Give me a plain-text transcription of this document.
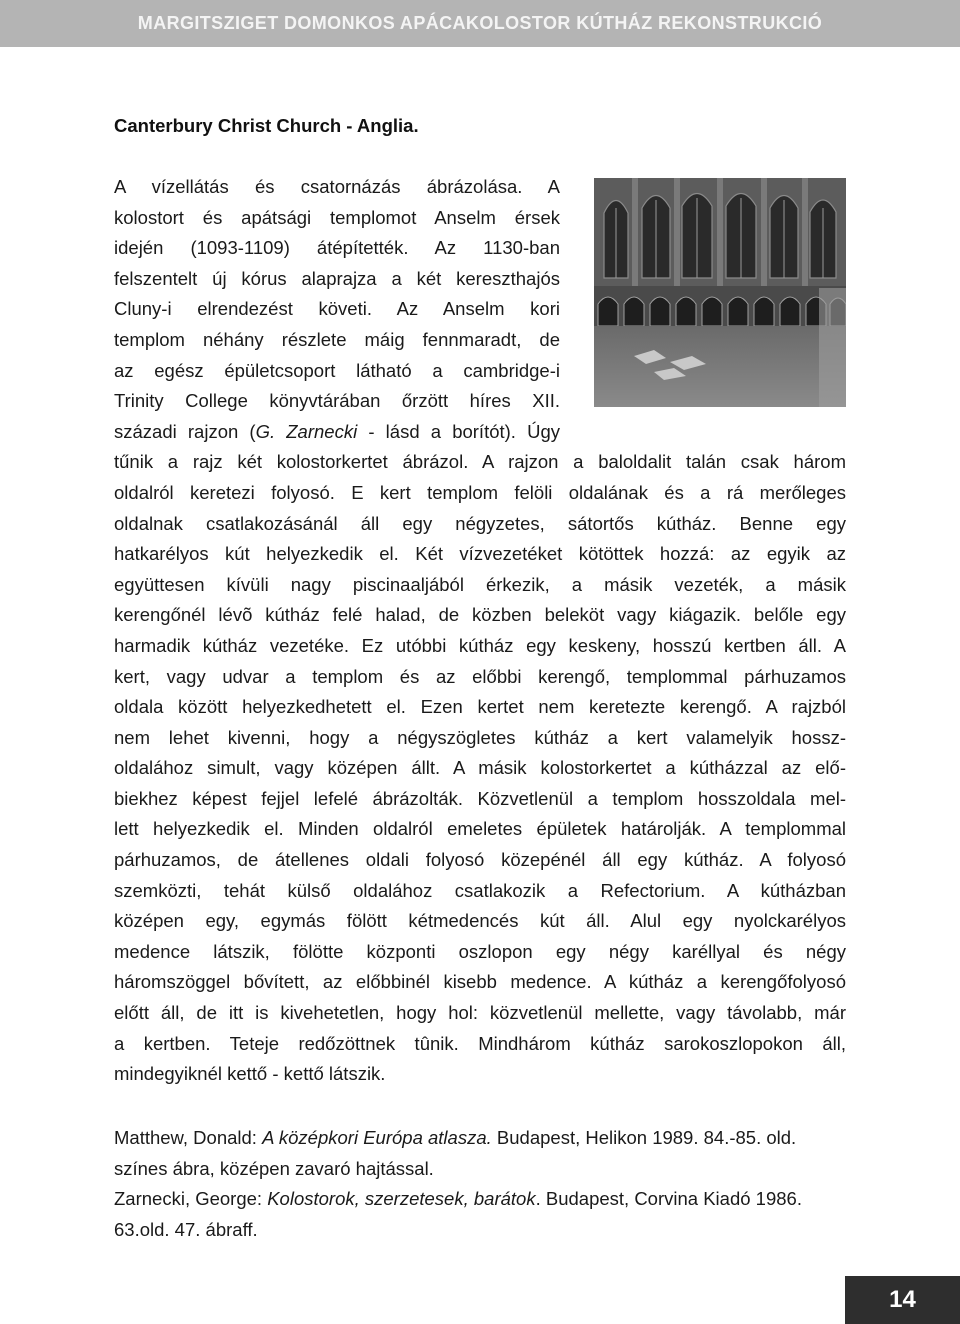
MARGITSZIGET DOMONKOS APÁCAKOLOSTOR KÚTHÁZ REKONSTRUKCIÓ
Canterbury Christ Church - Anglia.
A vízellátás és csatornázás ábrázolása. A
kolostort és apátsági templomot Anselm érsek
idején (1093-1109) átépítették. Az 1130-ban
felszentelt új kórus alaprajza a két kereszthajós
Cluny-i elrendezést követi. Az Anselm kori
templom néhány részlete máig fennmaradt, de
az egész épületcsoport látható a cambridge-i
Trinity College könyvtárában őrzött híres XII.
századi rajzon (G. Zarnecki - lásd a borítót). Úgy
tűnik a rajz két kolostorkertet ábrázol. A rajzon a baloldalit talán csak három
oldalról keretezi folyosó. E kert templom felöli oldalának és a rá merőleges
oldalnak csatlakozásánál áll egy négyzetes, sátortős kútház. Benne egy
hatkarélyos kút helyezkedik el. Két vízvezetéket kötöttek hozzá: az egyik az
együttesen kívüli nagy piscinaaljából érkezik, a másik vezeték, a másik
kerengőnél lévõ kútház felé halad, de közben beleköt vagy kiágazik. belőle egy
harmadik kútház vezetéke. Ez utóbbi kútház egy keskeny, hosszú kertben áll. A
kert, vagy udvar a templom és az előbbi kerengő, templommal párhuzamos
oldala között helyezkedhetett el. Ezen kertet nem keretezte kerengő. A rajzból
nem lehet kivenni, hogy a négyszögletes kútház a kert valamelyik hossz-
oldalához simult, vagy középen állt. A másik kolostorkertet a kútházzal az elő-
biekhez képest fejjel lefelé ábrázolták. Közvetlenül a templom hosszoldala mel-
lett helyezkedik el. Minden oldalról emeletes épületek határolják. A templommal
párhuzamos, de átellenes oldali folyosó közepénél áll egy kútház. A folyosó
szemközti, tehát külső oldalához csatlakozik a Refectorium. A kútházban
középen egy, egymás fölött kétmedencés kút áll. Alul egy nyolckarélyos
medence látszik, fölötte központi oszlopon egy négy karéllyal és négy
háromszöggel bővített, az előbbinél kisebb medence. A kútház a kerengőfolyosó
előtt áll, de itt is kivehetetlen, hogy hol: közvetlenül mellette, vagy távolabb, már
a kertben. Teteje redőzöttnek tûnik. Mindhárom kútház sarokoszlopokon áll,
mindegyiknél kettő - kettő látszik.

Matthew, Donald: A középkori Európa atlasza. Budapest, Helikon 1989. 84.-85. old. színes ábra, középen zavaró hajtással.

Zarnecki, George: Kolostorok, szerzetesek, barátok. Budapest, Corvina Kiadó 1986. 63.old. 47. ábraff.

14
